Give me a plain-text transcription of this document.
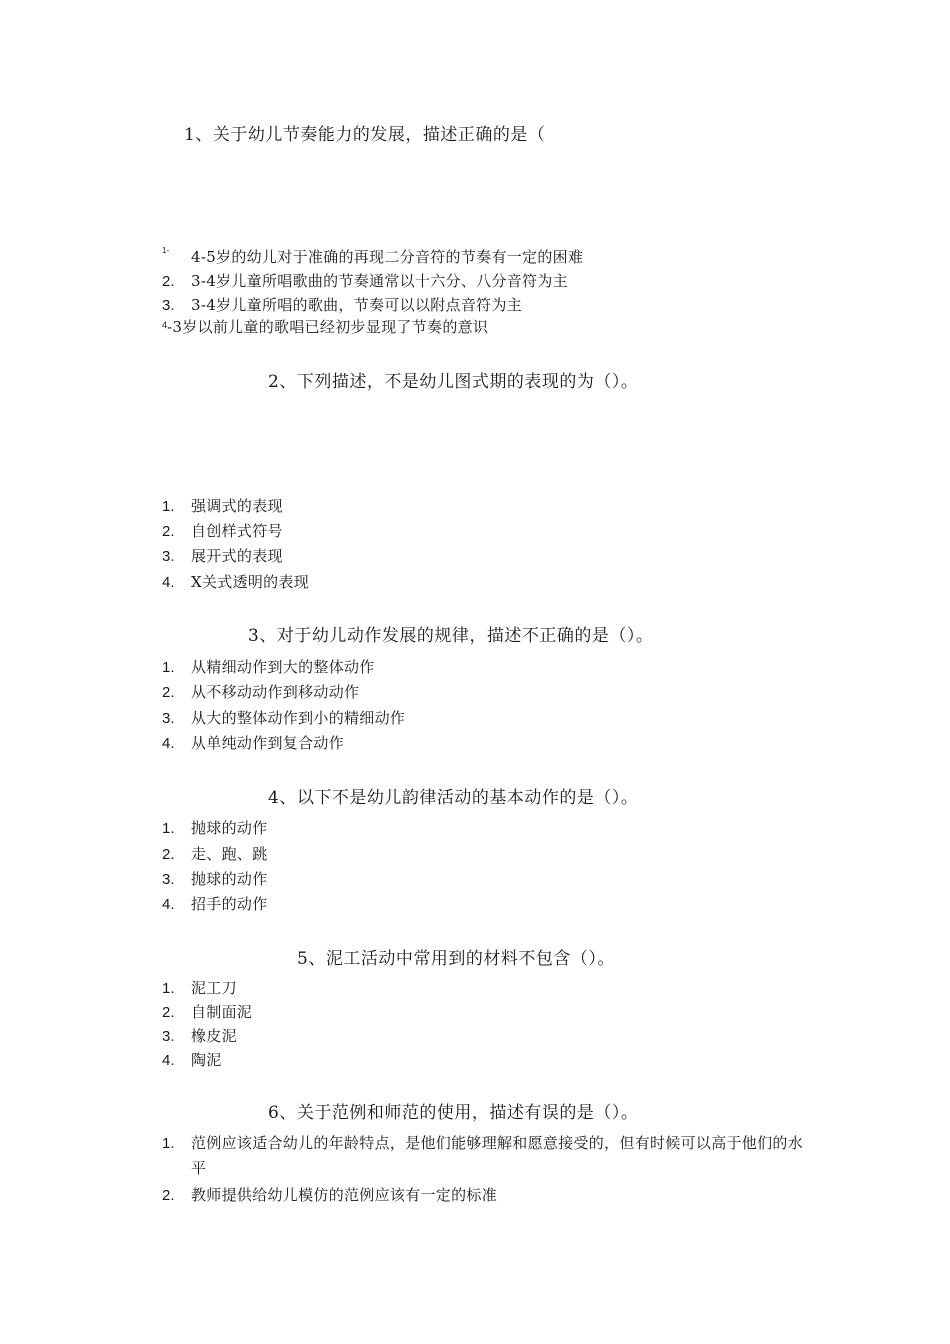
1、关于幼儿节奏能力的发展，描述正确的是（
1- 4-5岁的幼儿对于准确的再现二分音符的节奏有一定的困难
2. 3-4岁儿童所唱歌曲的节奏通常以十六分、八分音符为主
3. 3-4岁儿童所唱的歌曲，节奏可以以附点音符为主
$^4$-3岁以前儿童的歌唱已经初步显现了节奏的意识
2、下列描述，不是幼儿图式期的表现的为（）。
1. 强调式的表现
2. 自创样式符号
3. 展开式的表现
4. X关式透明的表现
3、对于幼儿动作发展的规律，描述不正确的是（）。
1. 从精细动作到大的整体动作
2. 从不移动动作到移动动作
3. 从大的整体动作到小的精细动作
4. 从单纯动作到复合动作
4、以下不是幼儿韵律活动的基本动作的是（）。
1. 抛球的动作
2. 走、跑、跳
3. 抛球的动作
4. 招手的动作
5、泥工活动中常用到的材料不包含（）。
1. 泥工刀
2. 自制面泥
3. 橡皮泥
4. 陶泥
6、关于范例和师范的使用，描述有误的是（）。
1.	范例应该适合幼儿的年龄特点，是他们能够理解和愿意接受的，但有时候可以高于他们的水平
2. 教师提供给幼儿模仿的范例应该有一定的标准
